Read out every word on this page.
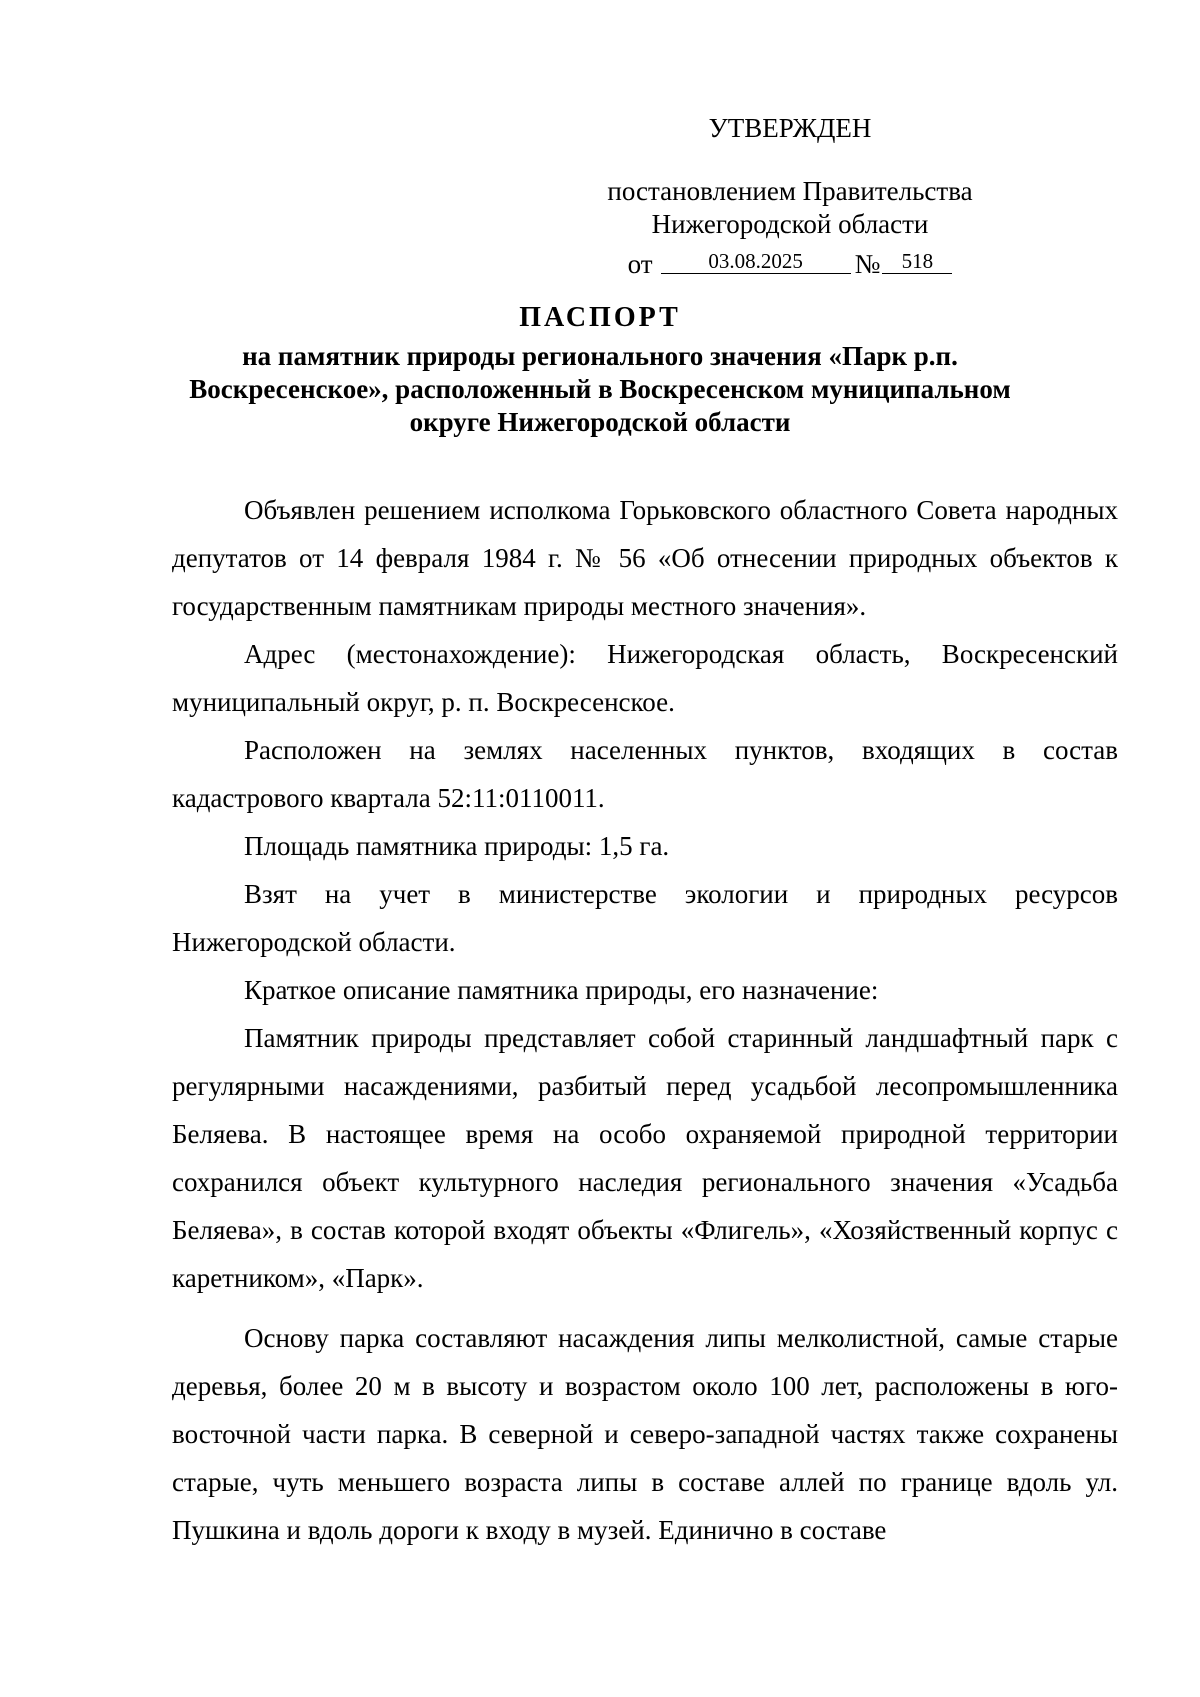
УТВЕРЖДЕН
постановлением Правительства
Нижегородской области
от	03.08.2025	№	518
ПАСПОРТ
на памятник природы регионального значения «Парк р.п. Воскресенское», расположенный в Воскресенском муниципальном округе Нижегородской области

Объявлен решением исполкома Горьковского областного Совета народных депутатов от 14 февраля 1984 г. № 56 «Об отнесении природных объектов к государственным памятникам природы местного значения».

Адрес (местонахождение): Нижегородская область, Воскресенский муниципальный округ, р. п. Воскресенское.

Расположен на землях населенных пунктов, входящих в состав кадастрового квартала 52:11:0110011.

Площадь памятника природы: 1,5 га.

Взят на учет в министерстве экологии и природных ресурсов Нижегородской области.

Краткое описание памятника природы, его назначение:

Памятник природы представляет собой старинный ландшафтный парк с регулярными насаждениями, разбитый перед усадьбой лесопромышленника Беляева. В настоящее время на особо охраняемой природной территории сохранился объект культурного наследия регионального значения «Усадьба Беляева», в состав которой входят объекты «Флигель», «Хозяйственный корпус с каретником», «Парк».

Основу парка составляют насаждения липы мелколистной, самые старые деревья, более 20 м в высоту и возрастом около 100 лет, расположены в юго-восточной части парка. В северной и северо-западной частях также сохранены старые, чуть меньшего возраста липы в составе аллей по границе вдоль ул. Пушкина и вдоль дороги к входу в музей. Единично в составе
